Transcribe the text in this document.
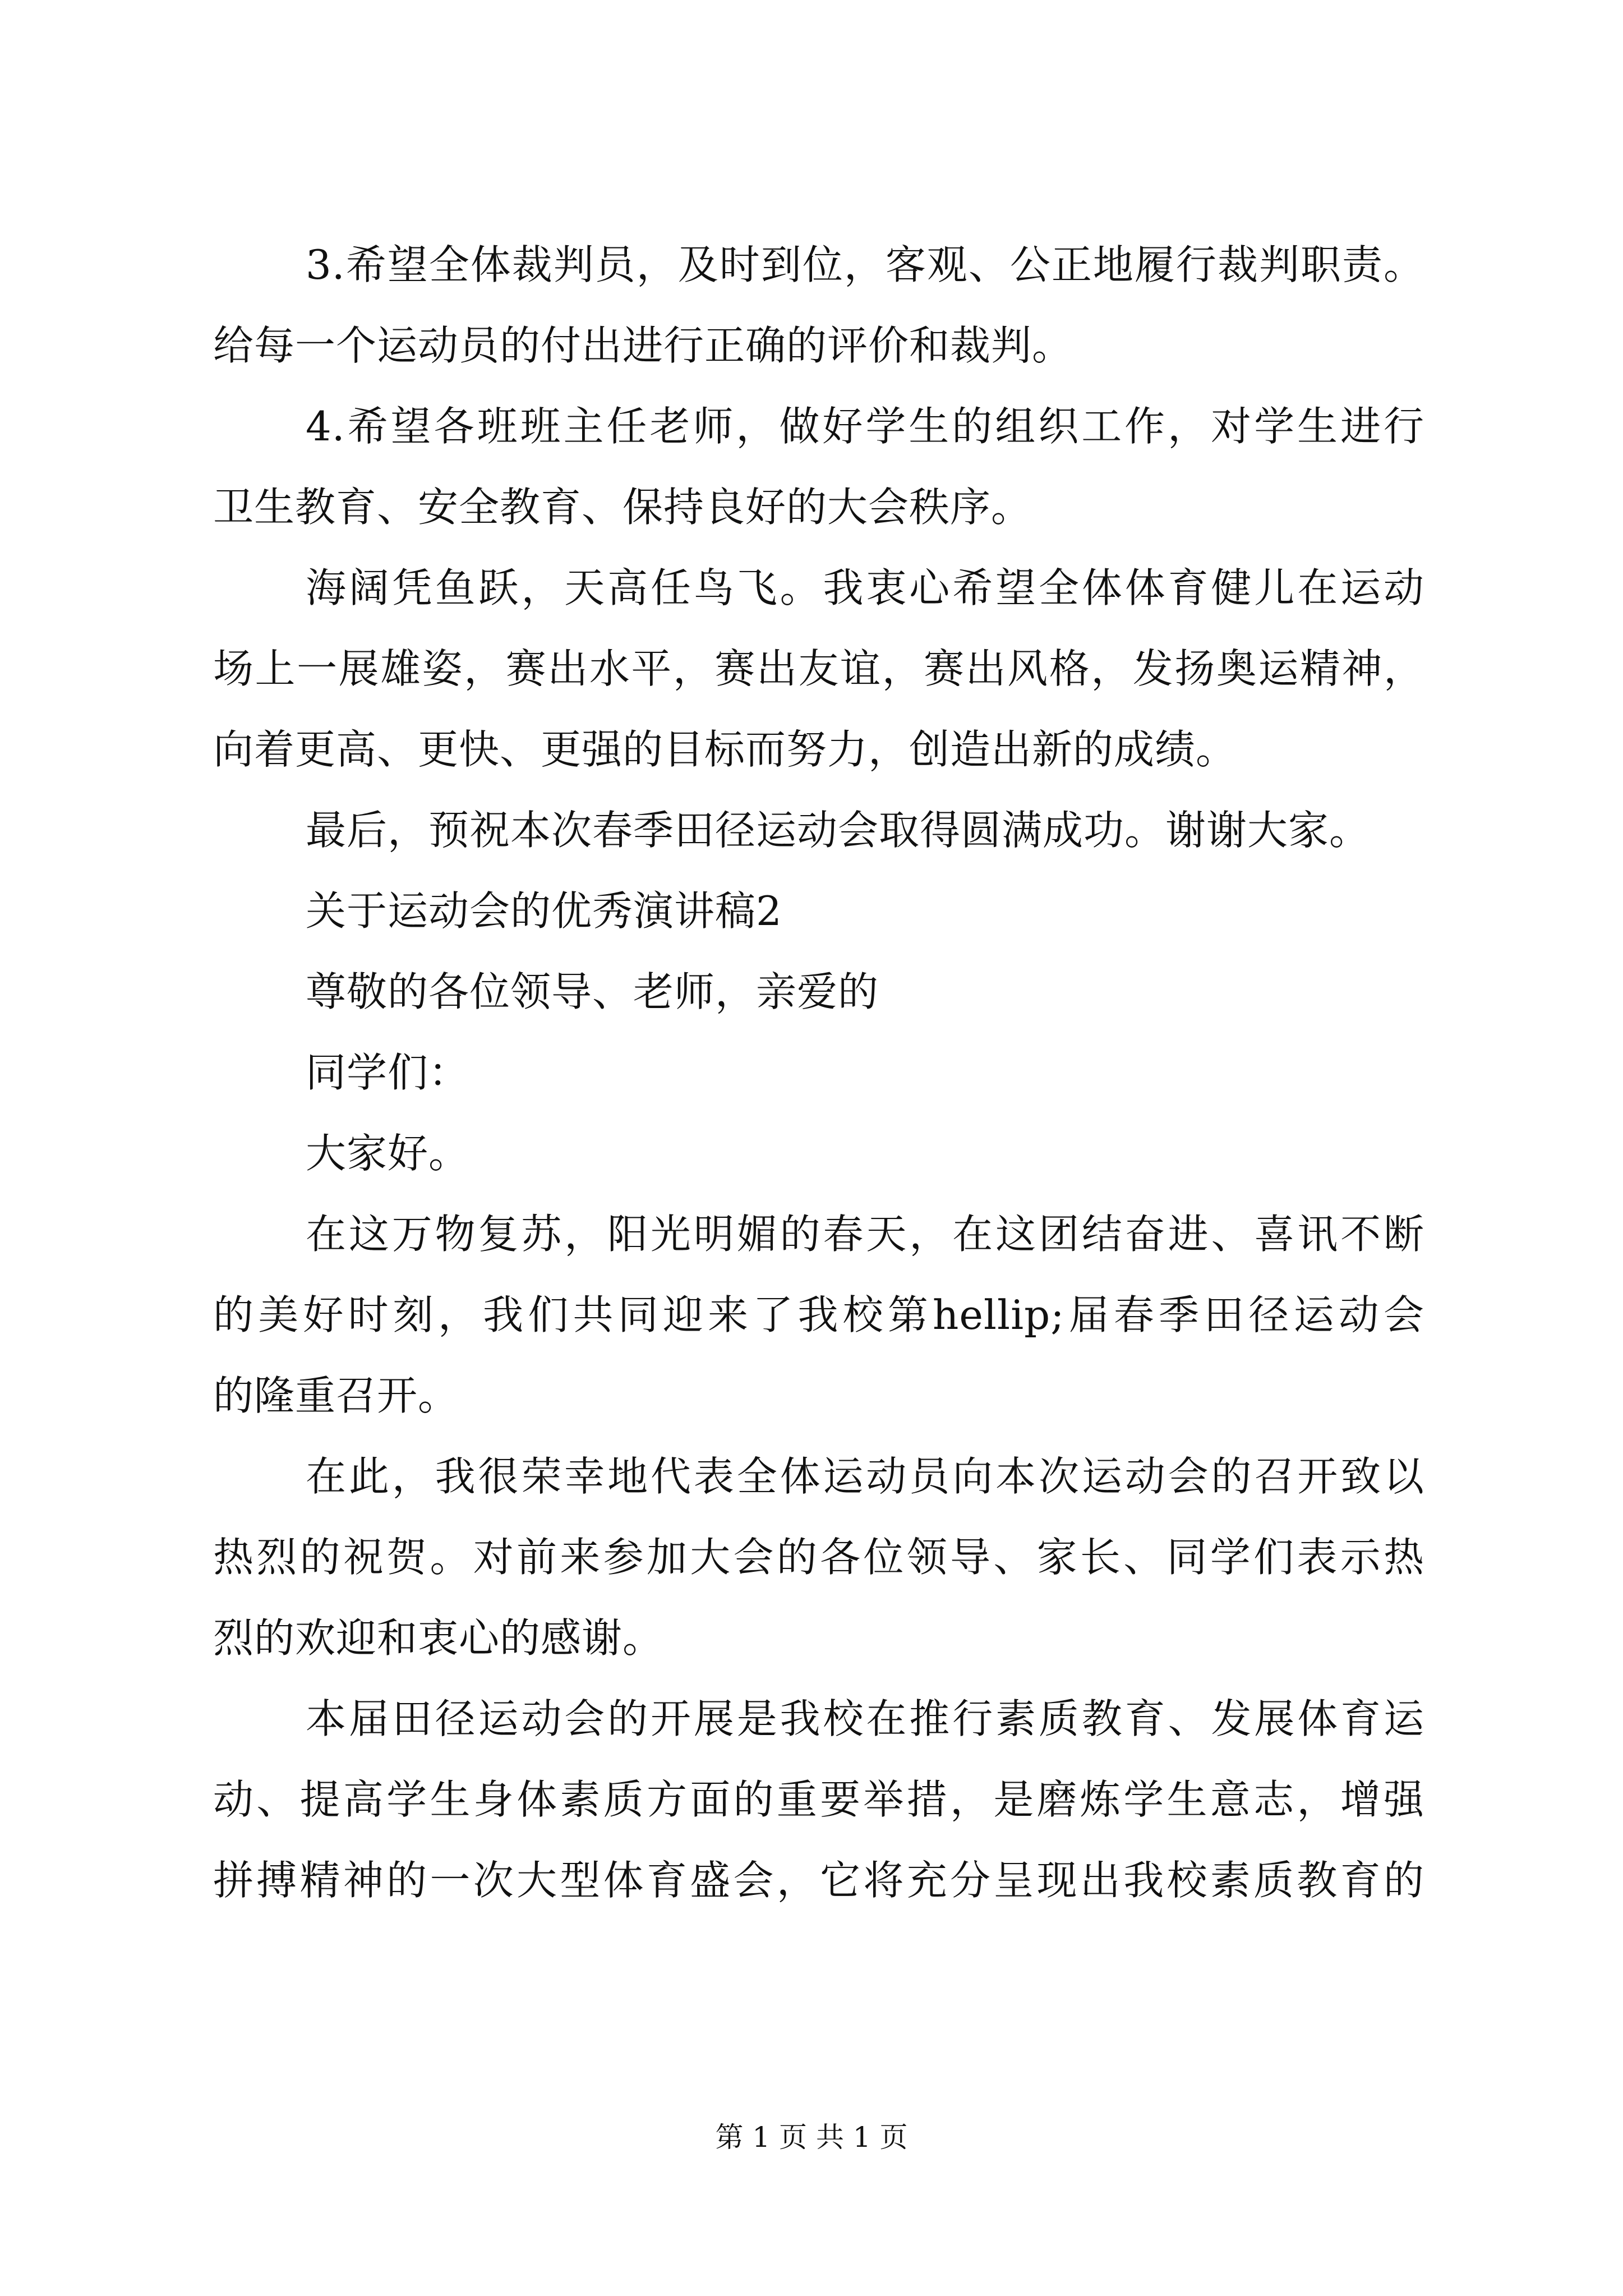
3.希望全体裁判员，及时到位，客观、公正地履行裁判职责。
给每一个运动员的付出进行正确的评价和裁判。
4.希望各班班主任老师，做好学生的组织工作，对学生进行
卫生教育、安全教育、保持良好的大会秩序。
海阔凭鱼跃，天高任鸟飞。我衷心希望全体体育健儿在运动
场上一展雄姿，赛出水平，赛出友谊，赛出风格，发扬奥运精神，
向着更高、更快、更强的目标而努力，创造出新的成绩。
最后，预祝本次春季田径运动会取得圆满成功。谢谢大家。
关于运动会的优秀演讲稿2
尊敬的各位领导、老师，亲爱的
同学们：
大家好。
在这万物复苏，阳光明媚的春天，在这团结奋进、喜讯不断
的美好时刻，我们共同迎来了我校第hellip;届春季田径运动会
的隆重召开。
在此，我很荣幸地代表全体运动员向本次运动会的召开致以
热烈的祝贺。对前来参加大会的各位领导、家长、同学们表示热
烈的欢迎和衷心的感谢。
本届田径运动会的开展是我校在推行素质教育、发展体育运
动、提高学生身体素质方面的重要举措，是磨炼学生意志，增强
拼搏精神的一次大型体育盛会，它将充分呈现出我校素质教育的
第 1 页 共 1 页
